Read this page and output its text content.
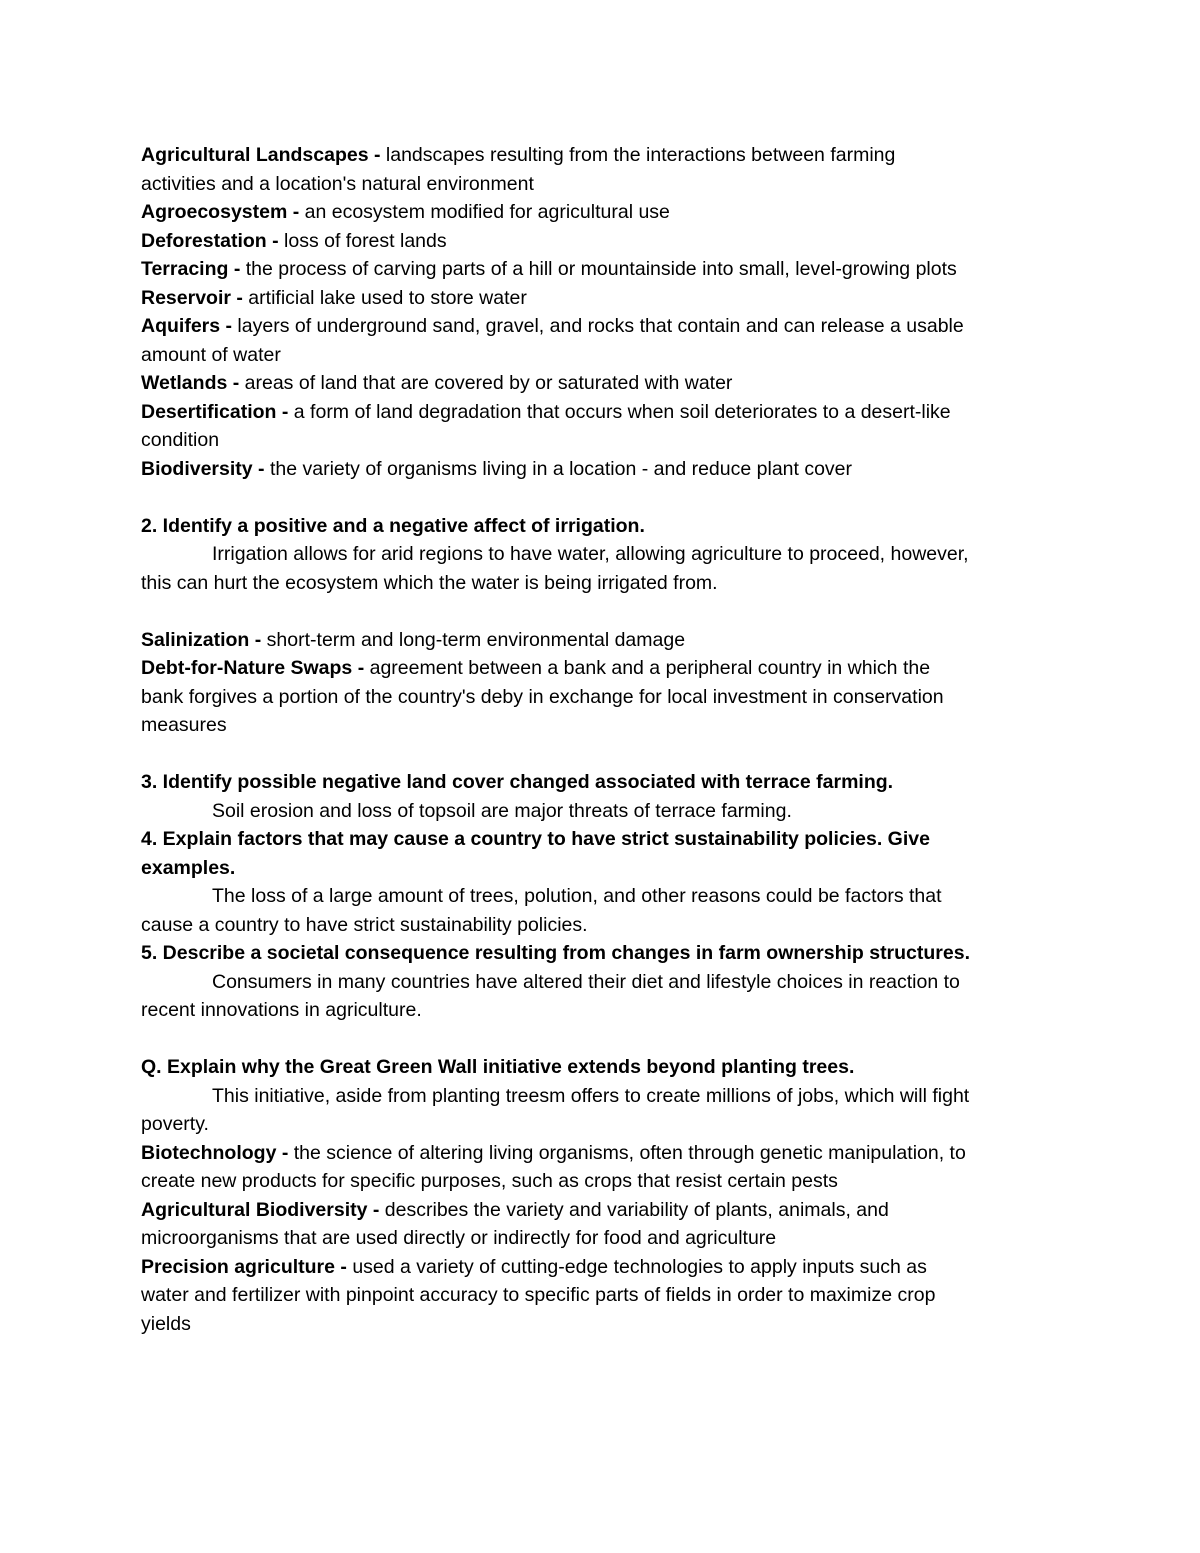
Agricultural Landscapes - landscapes resulting from the interactions between farming
activities and a location's natural environment
Agroecosystem - an ecosystem modified for agricultural use
Deforestation - loss of forest lands
Terracing - the process of carving parts of a hill or mountainside into small, level-growing plots
Reservoir - artificial lake used to store water
Aquifers - layers of underground sand, gravel, and rocks that contain and can release a usable
amount of water
Wetlands - areas of land that are covered by or saturated with water
Desertification - a form of land degradation that occurs when soil deteriorates to a desert-like
condition
Biodiversity - the variety of organisms living in a location - and reduce plant cover
2. Identify a positive and a negative affect of irrigation.
Irrigation allows for arid regions to have water, allowing agriculture to proceed, however,
this can hurt the ecosystem which the water is being irrigated from.
Salinization - short-term and long-term environmental damage
Debt-for-Nature Swaps - agreement between a bank and a peripheral country in which the
bank forgives a portion of the country's deby in exchange for local investment in conservation
measures
3. Identify possible negative land cover changed associated with terrace farming.
Soil erosion and loss of topsoil are major threats of terrace farming.
4. Explain factors that may cause a country to have strict sustainability policies. Give
examples.
The loss of a large amount of trees, polution, and other reasons could be factors that
cause a country to have strict sustainability policies.
5. Describe a societal consequence resulting from changes in farm ownership structures.
Consumers in many countries have altered their diet and lifestyle choices in reaction to
recent innovations in agriculture.
Q. Explain why the Great Green Wall initiative extends beyond planting trees.
This initiative, aside from planting treesm offers to create millions of jobs, which will fight
poverty.
Biotechnology - the science of altering living organisms, often through genetic manipulation, to
create new products for specific purposes, such as crops that resist certain pests
Agricultural Biodiversity - describes the variety and variability of plants, animals, and
microorganisms that are used directly or indirectly for food and agriculture
Precision agriculture - used a variety of cutting-edge technologies to apply inputs such as
water and fertilizer with pinpoint accuracy to specific parts of fields in order to maximize crop
yields
